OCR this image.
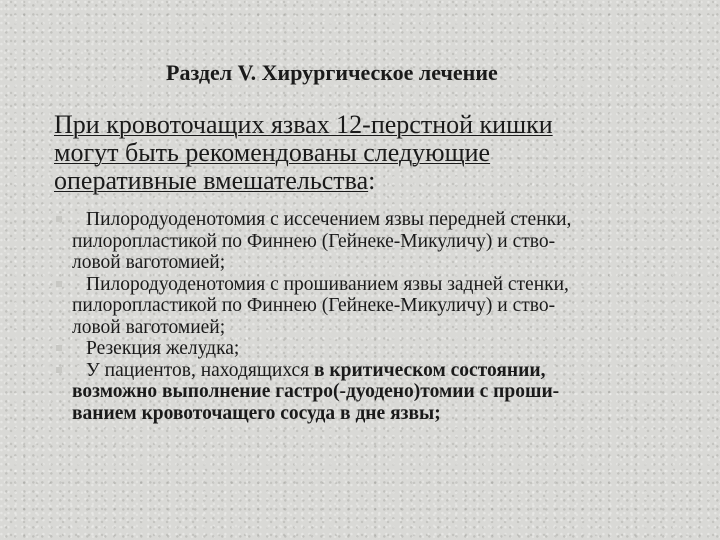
Раздел V. Хирургическое лечение
При кровоточащих язвах 12-перстной кишки
могут быть рекомендованы следующие
оперативные вмешательства:
Пилородуоденотомия с иссечением язвы передней стенки,
пилоропластикой по Финнею (Гейнеке-Микуличу) и ство-
ловой ваготомией;
Пилородуоденотомия с прошиванием язвы задней стенки,
пилоропластикой по Финнею (Гейнеке-Микуличу) и ство-
ловой ваготомией;
Резекция желудка;
У пациентов, находящихся в критическом состоянии,
возможно выполнение гастро(-дуодено)томии с проши-
ванием кровоточащего сосуда в дне язвы;
